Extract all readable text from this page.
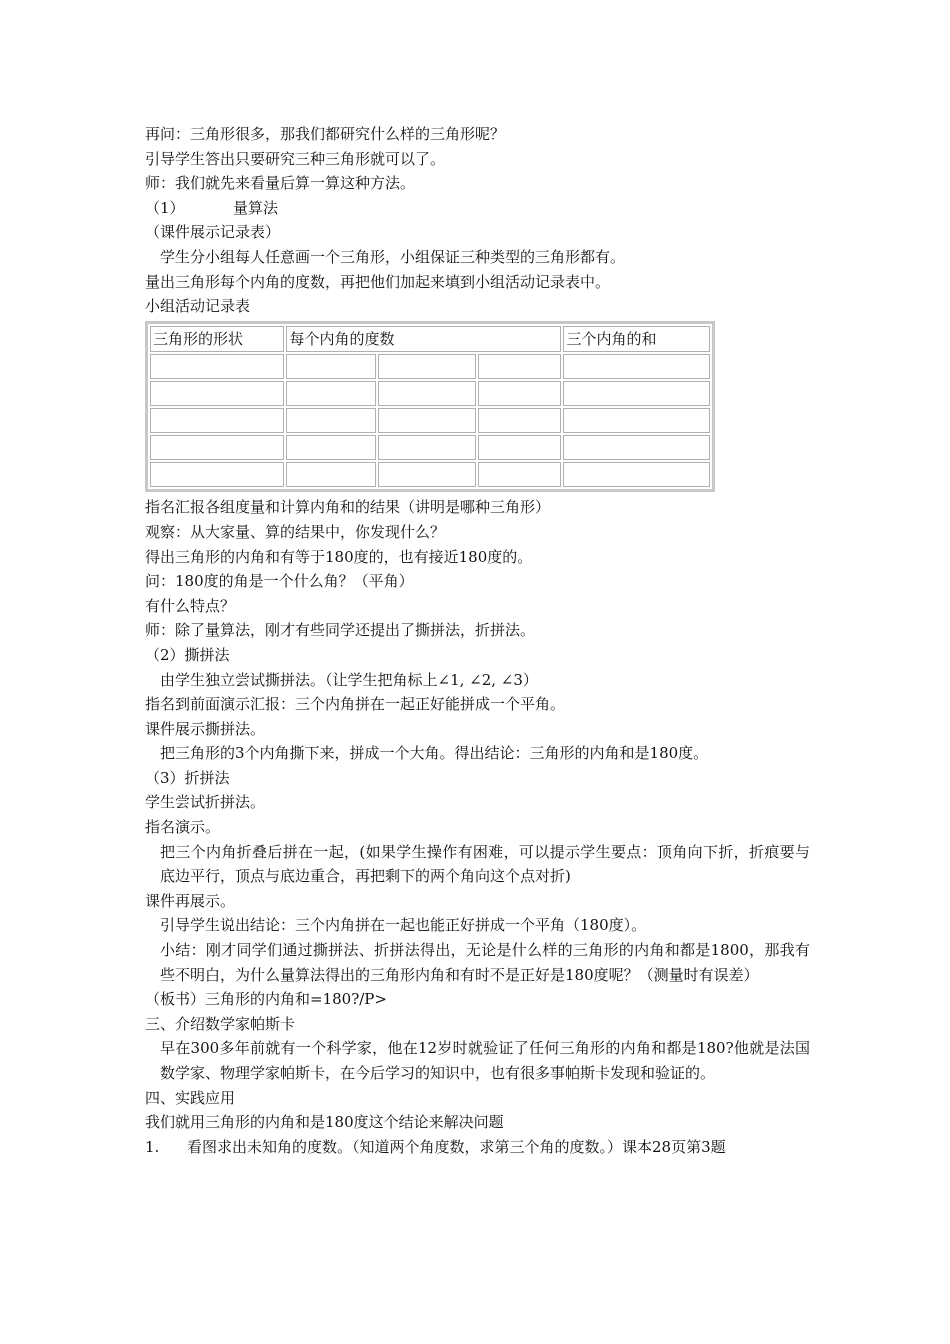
再问：三角形很多，那我们都研究什么样的三角形呢？

引导学生答出只要研究三种三角形就可以了。

师：我们就先来看量后算一算这种方法。

（1）	量算法

（课件展示记录表）

学生分小组每人任意画一个三角形，小组保证三种类型的三角形都有。

量出三角形每个内角的度数，再把他们加起来填到小组活动记录表中。

小组活动记录表

三角形的形状	每个内角的度数			三个内角的和

指名汇报各组度量和计算内角和的结果（讲明是哪种三角形）

观察：从大家量、算的结果中，你发现什么？

得出三角形的内角和有等于180度的，也有接近180度的。

问：180度的角是一个什么角？（平角）

有什么特点？

师：除了量算法，刚才有些同学还提出了撕拼法，折拼法。

（2）撕拼法

由学生独立尝试撕拼法。（让学生把角标上∠1, ∠2, ∠3）

指名到前面演示汇报：三个内角拼在一起正好能拼成一个平角。

课件展示撕拼法。

把三角形的3个内角撕下来，拼成一个大角。得出结论：三角形的内角和是180度。

（3）折拼法

学生尝试折拼法。

指名演示。

把三个内角折叠后拼在一起，(如果学生操作有困难，可以提示学生要点：顶角向下折，折痕要与底边平行，顶点与底边重合，再把剩下的两个角向这个点对折)

课件再展示。

引导学生说出结论：三个内角拼在一起也能正好拼成一个平角（180度）。

小结：刚才同学们通过撕拼法、折拼法得出，无论是什么样的三角形的内角和都是1800，那我有些不明白，为什么量算法得出的三角形内角和有时不是正好是180度呢？（测量时有误差）

（板书）三角形的内角和=180?/P>

三、介绍数学家帕斯卡

早在300多年前就有一个科学家，他在12岁时就验证了任何三角形的内角和都是180?他就是法国数学家、物理学家帕斯卡，在今后学习的知识中，也有很多事帕斯卡发现和验证的。

四、实践应用

我们就用三角形的内角和是180度这个结论来解决问题

1. 看图求出未知角的度数。（知道两个角度数，求第三个角的度数。）课本28页第3题
